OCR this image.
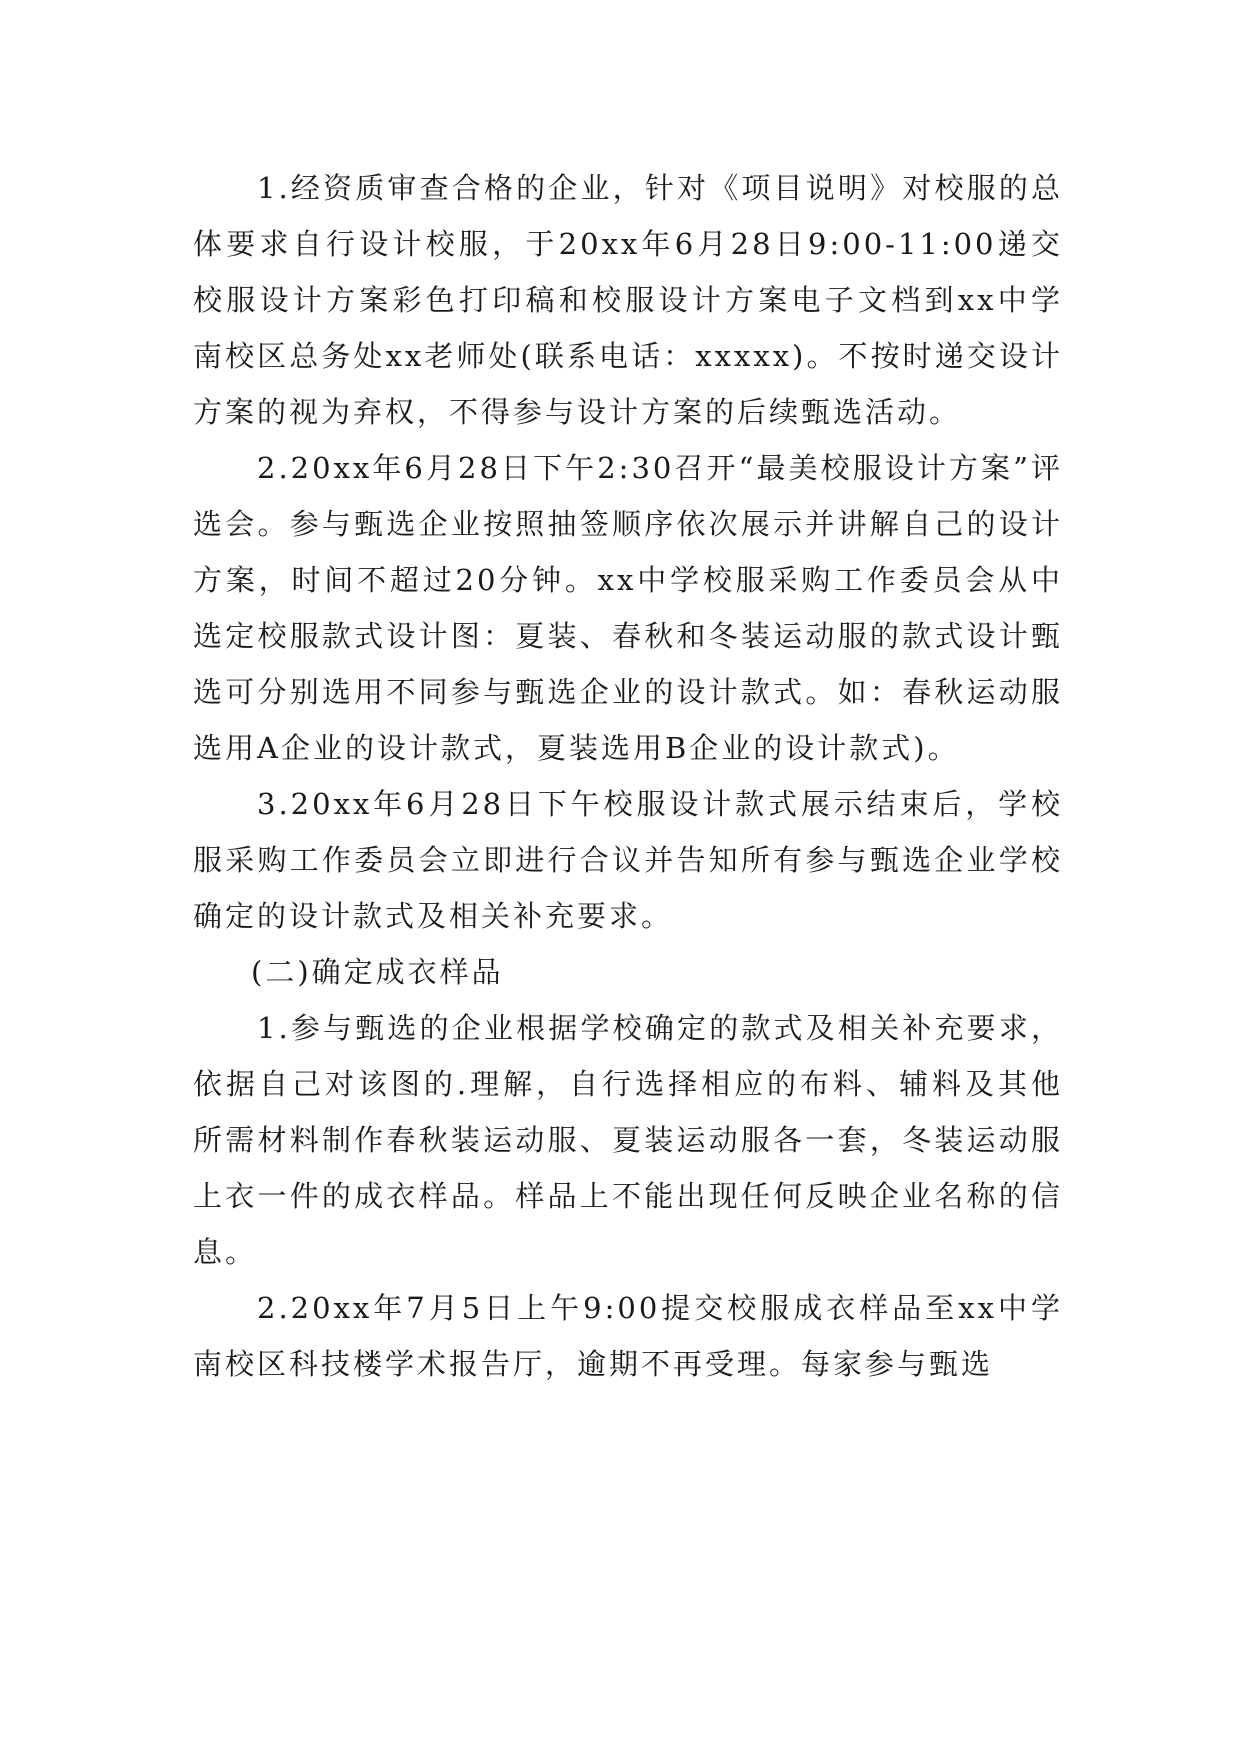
1.经资质审查合格的企业，针对《项目说明》对校服的总体要求自行设计校服，于20xx年6月28日9:00-11:00递交校服设计方案彩色打印稿和校服设计方案电子文档到xx中学南校区总务处xx老师处(联系电话：xxxxx)。不按时递交设计方案的视为弃权，不得参与设计方案的后续甄选活动。

2.20xx年6月28日下午2:30召开“最美校服设计方案”评选会。参与甄选企业按照抽签顺序依次展示并讲解自己的设计方案，时间不超过20分钟。xx中学校服采购工作委员会从中选定校服款式设计图：夏装、春秋和冬装运动服的款式设计甄选可分别选用不同参与甄选企业的设计款式。如：春秋运动服选用A企业的设计款式，夏装选用B企业的设计款式)。

3.20xx年6月28日下午校服设计款式展示结束后，学校服采购工作委员会立即进行合议并告知所有参与甄选企业学校确定的设计款式及相关补充要求。

(二)确定成衣样品

1.参与甄选的企业根据学校确定的款式及相关补充要求，依据自己对该图的.理解，自行选择相应的布料、辅料及其他所需材料制作春秋装运动服、夏装运动服各一套，冬装运动服上衣一件的成衣样品。样品上不能出现任何反映企业名称的信息。

2.20xx年7月5日上午9:00提交校服成衣样品至xx中学南校区科技楼学术报告厅，逾期不再受理。每家参与甄选
